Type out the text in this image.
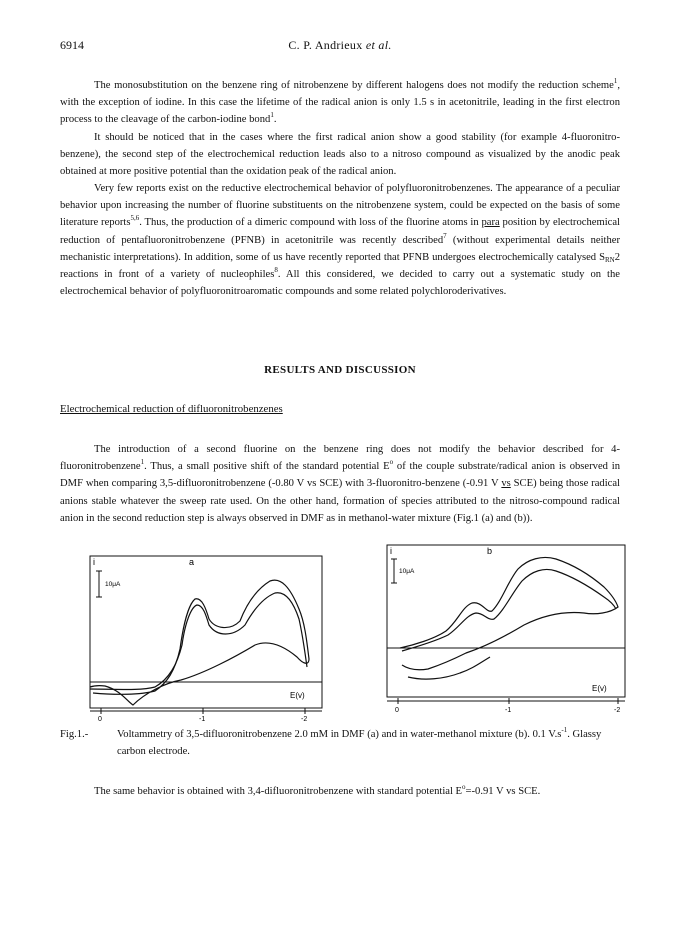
6914	C. P. Andrieux et al.

The monosubstitution on the benzene ring of nitrobenzene by different halogens does not modify the reduction scheme$^1$, with the exception of iodine. In this case the lifetime of the radical anion is only 1.5 s in acetonitrile, leading in the first electron process to the cleavage of the carbon-iodine bond$^1$.

It should be noticed that in the cases where the first radical anion show a good stability (for example 4-fluoronitro-benzene), the second step of the electrochemical reduction leads also to a nitroso compound as visualized by the anodic peak obtained at more positive potential than the oxidation peak of the radical anion.

Very few reports exist on the reductive electrochemical behavior of polyfluoronitrobenzenes. The appearance of a peculiar behavior upon increasing the number of fluorine substituents on the nitrobenzene system, could be expected on the basis of some literature reports$^{5,6}$. Thus, the production of a dimeric compound with loss of the fluorine atoms in para position by electrochemical reduction of pentafluoronitrobenzene (PFNB) in acetonitrile was recently described$^7$ (without experimental details neither mechanistic interpretations). In addition, some of us have recently reported that PFNB undergoes electrochemically catalysed $S_{RN}2$ reactions in front of a variety of nucleophiles$^8$. All this considered, we decided to carry out a systematic study on the electrochemical behavior of polyfluoronitroaromatic compounds and some related polychloroderivatives.

RESULTS AND DISCUSSION
Electrochemical reduction of difluoronitrobenzenes

The introduction of a second fluorine on the benzene ring does not modify the behavior described for 4-fluoronitrobenzene$^1$. Thus, a small positive shift of the standard potential $E^o$ of the couple substrate/radical anion is observed in DMF when comparing 3,5-difluoronitrobenzene (-0.80 V vs SCE) with 3-fluoronitro-benzene (-0.91 V vs SCE) being those radical anions stable whatever the sweep rate used. On the other hand, formation of species attributed to the nitroso-compound radical anion in the second reduction step is always observed in DMF as in methanol-water mixture (Fig.1 (a) and (b)).

i	a
10μA
E(v)
0	-1	-2
i	b
10μA
E(v)
0	-1	-2
Fig.1.-	Voltammetry of 3,5-difluoronitrobenzene 2.0 mM in DMF (a) and in water-methanol mixture (b). 0.1 $V.s^{-1}$. Glassy carbon electrode.

The same behavior is obtained with 3,4-difluoronitrobenzene with standard potential $E^o=-0.91$ V vs SCE.
